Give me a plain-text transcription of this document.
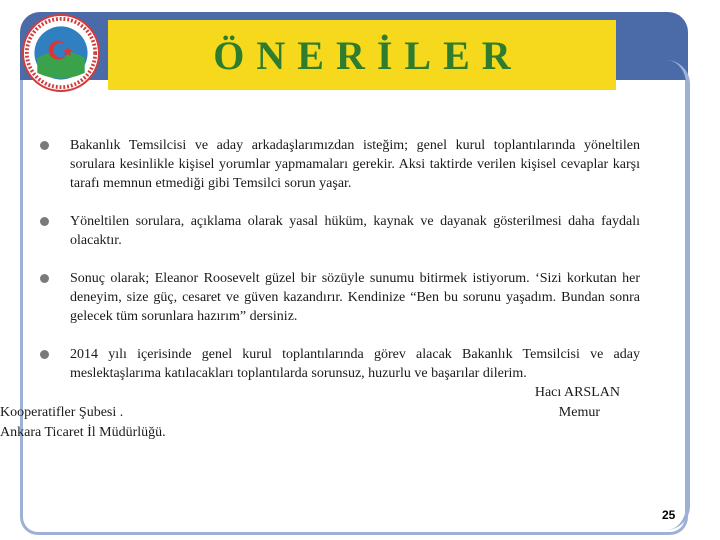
ÖNERİLER
Bakanlık Temsilcisi ve aday arkadaşlarımızdan isteğim; genel kurul toplantılarında yöneltilen sorulara kesinlikle kişisel yorumlar yapmamaları gerekir. Aksi taktirde verilen kişisel cevaplar karşı tarafı memnun etmediği gibi Temsilci sorun yaşar.
Yöneltilen sorulara, açıklama olarak yasal hüküm, kaynak ve dayanak gösterilmesi daha faydalı olacaktır.
Sonuç olarak; Eleanor Roosevelt güzel bir sözüyle sunumu bitirmek istiyorum. ‘Sizi korkutan her deneyim, size güç, cesaret ve güven kazandırır. Kendinize “Ben bu sorunu yaşadım. Bundan sonra gelecek tüm sorunlara hazırım” dersiniz.
2014 yılı içerisinde genel kurul toplantılarında görev alacak Bakanlık Temsilcisi ve aday meslektaşlarıma katılacakları toplantılarda sorunsuz, huzurlu ve başarılar dilerim.
Hacı ARSLAN
Kooperatifler Şubesi .	Memur
Ankara Ticaret İl Müdürlüğü.
25
